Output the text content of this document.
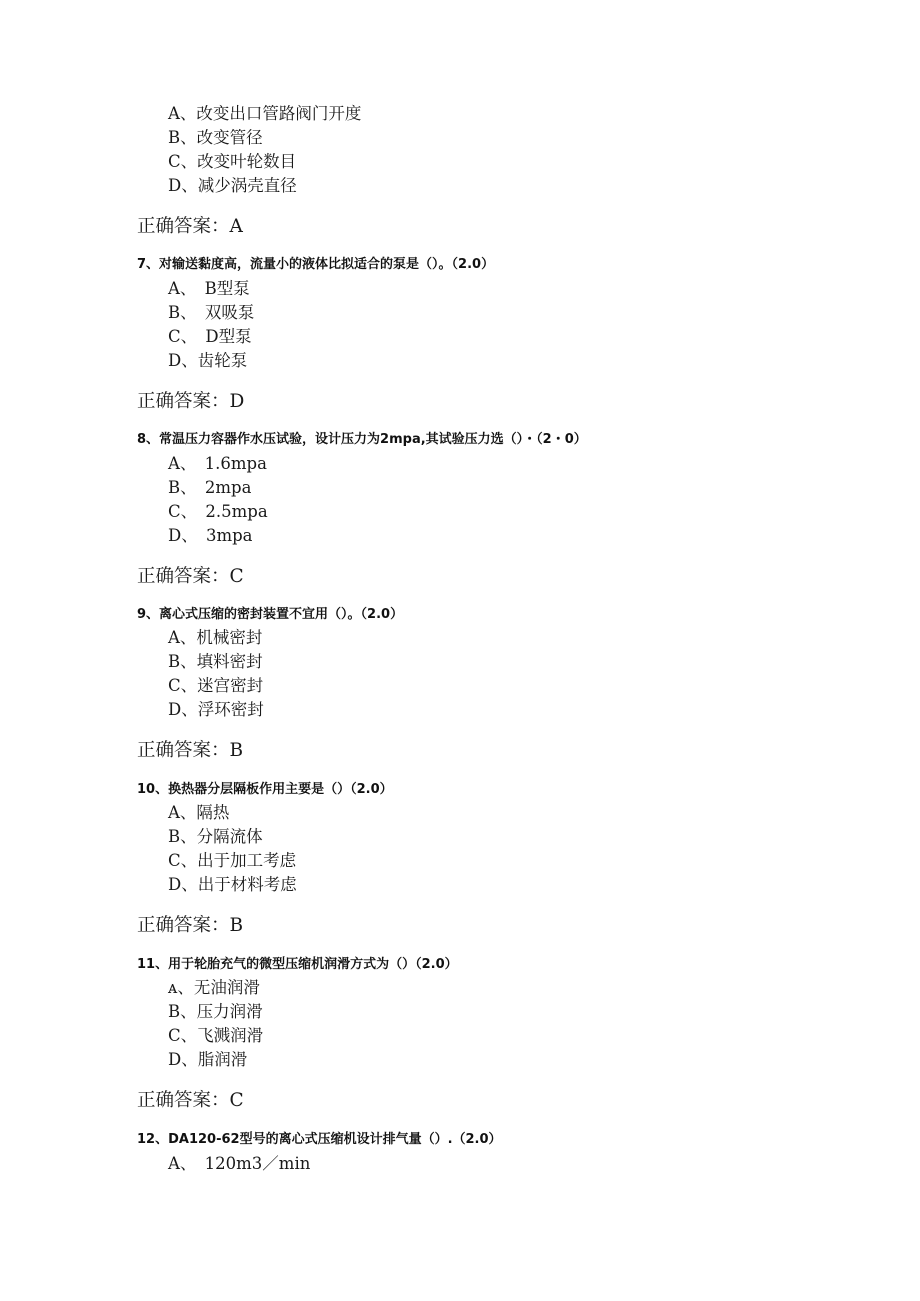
A、改变出口管路阀门开度
B、改变管径
C、改变叶轮数目
D、减少涡壳直径
正确答案：A
7、对输送黏度高，流量小的液体比拟适合的泵是（）。（2.0）
A、　B型泵
B、　双吸泵
C、　D型泵
D、齿轮泵
正确答案：D
8、常温压力容器作水压试验，设计压力为2mpa,其试验压力选（）・（2・0）
A、　1.6mpa
B、　2mpa
C、　2.5mpa
D、　3mpa
正确答案：C
9、离心式压缩的密封装置不宜用（）。（2.0）
A、机械密封
B、填料密封
C、迷宫密封
D、浮环密封
正确答案：B
10、换热器分层隔板作用主要是（）（2.0）
A、隔热
B、分隔流体
C、出于加工考虑
D、出于材料考虑
正确答案：B
11、用于轮胎充气的微型压缩机润滑方式为（）（2.0）
ᴀ、无油润滑
B、压力润滑
C、飞溅润滑
D、脂润滑
正确答案：C
12、DA120-62型号的离心式压缩机设计排气量（）.（2.0）
A、　120m3／min
